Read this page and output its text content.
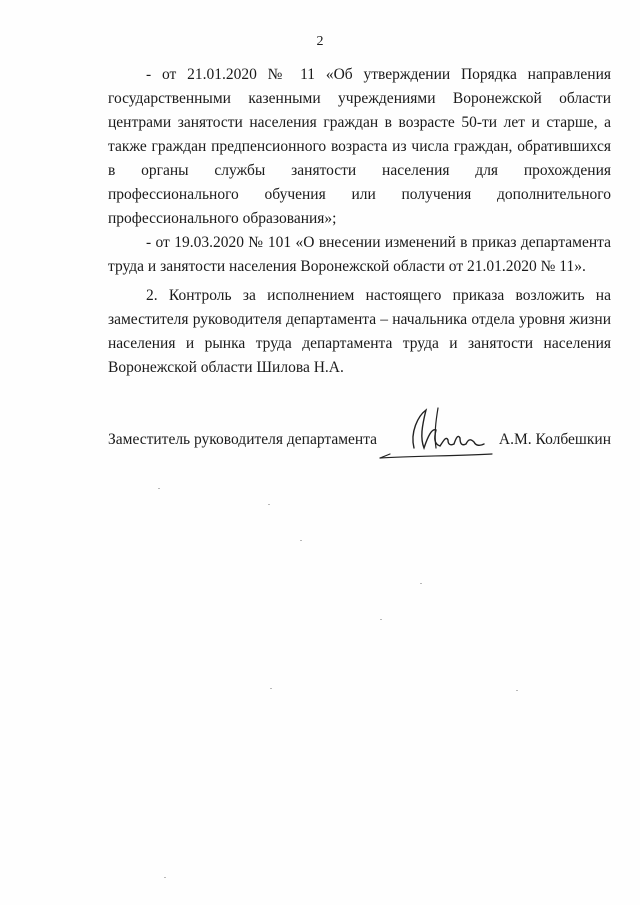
2

- от 21.01.2020 № 11 «Об утверждении Порядка направления государственными казенными учреждениями Воронежской области центрами занятости населения граждан в возрасте 50-ти лет и старше, а также граждан предпенсионного возраста из числа граждан, обратившихся в органы службы занятости населения для прохождения профессионального обучения или получения дополнительного профессионального образования»;

- от 19.03.2020 № 101 «О внесении изменений в приказ департамента труда и занятости населения Воронежской области от 21.01.2020 № 11».

2. Контроль за исполнением настоящего приказа возложить на заместителя руководителя департамента – начальника отдела уровня жизни населения и рынка труда департамента труда и занятости населения Воронежской области Шилова Н.А.

Заместитель руководителя департамента	А.М. Колбешкин
